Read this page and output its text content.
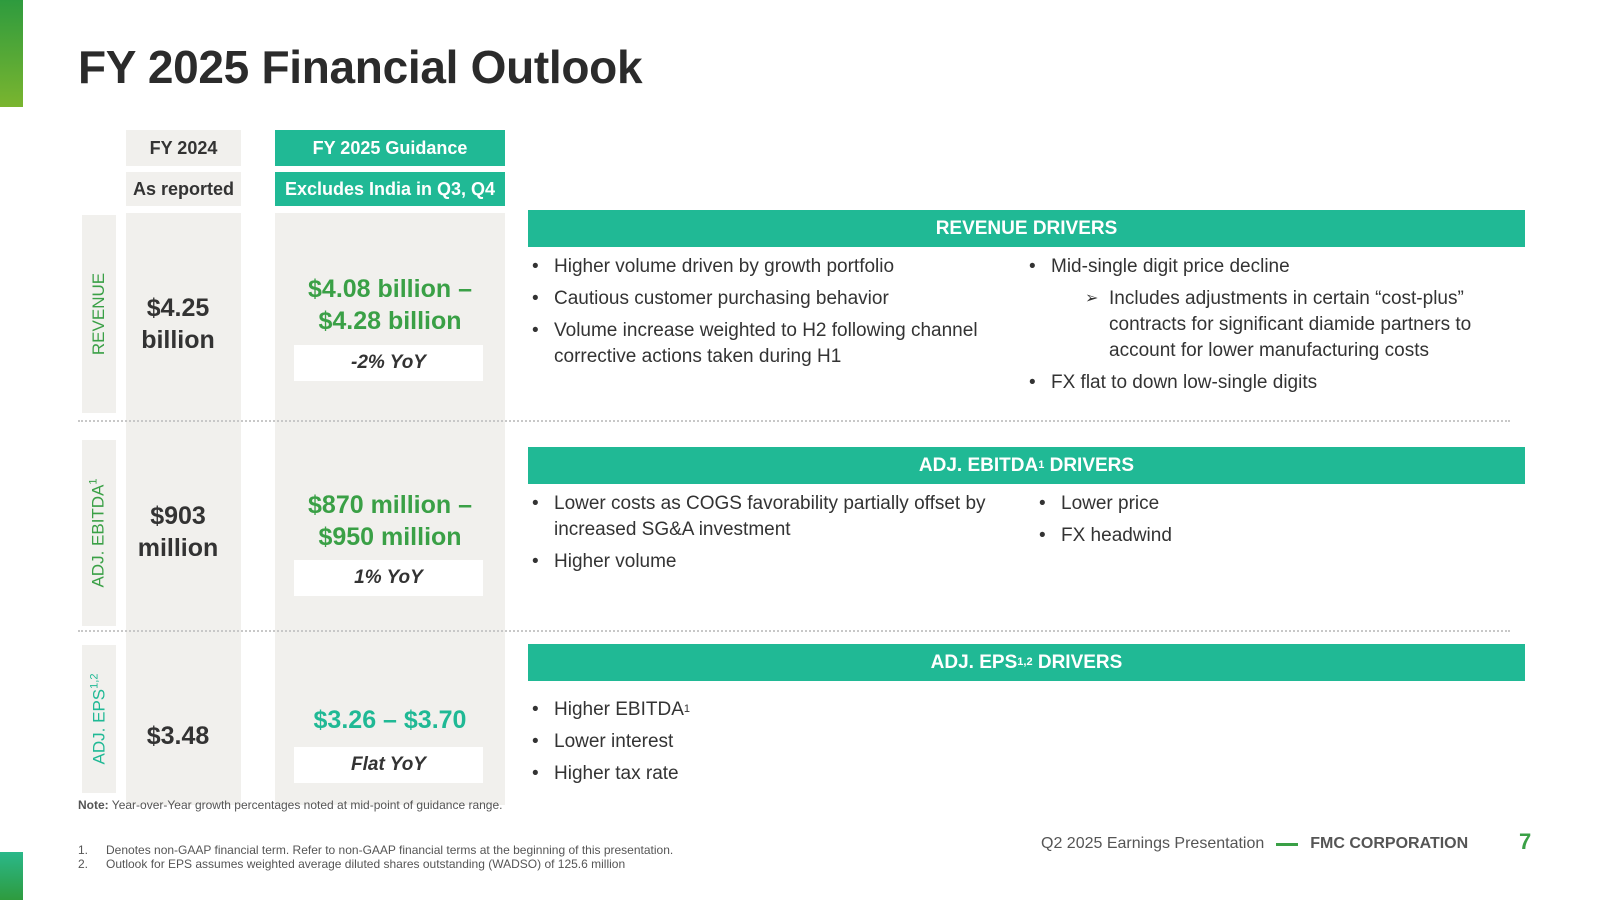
FY 2025 Financial Outlook
FY 2024
As reported
FY 2025 Guidance
Excludes India in Q3, Q4
REVENUE
ADJ. EBITDA$^1$
ADJ. EPS$^{1,2}$
$4.25
billion
$4.08 billion –
$4.28 billion
-2% YoY
$903
million
$870 million –
$950 million
1% YoY
$3.48
$3.26 – $3.70
Flat YoY
REVENUE DRIVERS
• Higher volume driven by growth portfolio
• Cautious customer purchasing behavior
• Volume increase weighted to H2 following channel corrective actions taken during H1
• Mid-single digit price decline
➢ Includes adjustments in certain “cost-plus” contracts for significant diamide partners to account for lower manufacturing costs
• FX flat to down low-single digits
ADJ. EBITDA$^1$ DRIVERS
• Lower costs as COGS favorability partially offset by increased SG&A investment
• Higher volume
• Lower price
• FX headwind
ADJ. EPS$^{1,2}$ DRIVERS
• Higher EBITDA$^1$
• Lower interest
• Higher tax rate
Note: Year-over-Year growth percentages noted at mid-point of guidance range.
1. Denotes non-GAAP financial term. Refer to non-GAAP financial terms at the beginning of this presentation.
2. Outlook for EPS assumes weighted average diluted shares outstanding (WADSO) of 125.6 million
Q2 2025 Earnings Presentation	FMC CORPORATION 7
